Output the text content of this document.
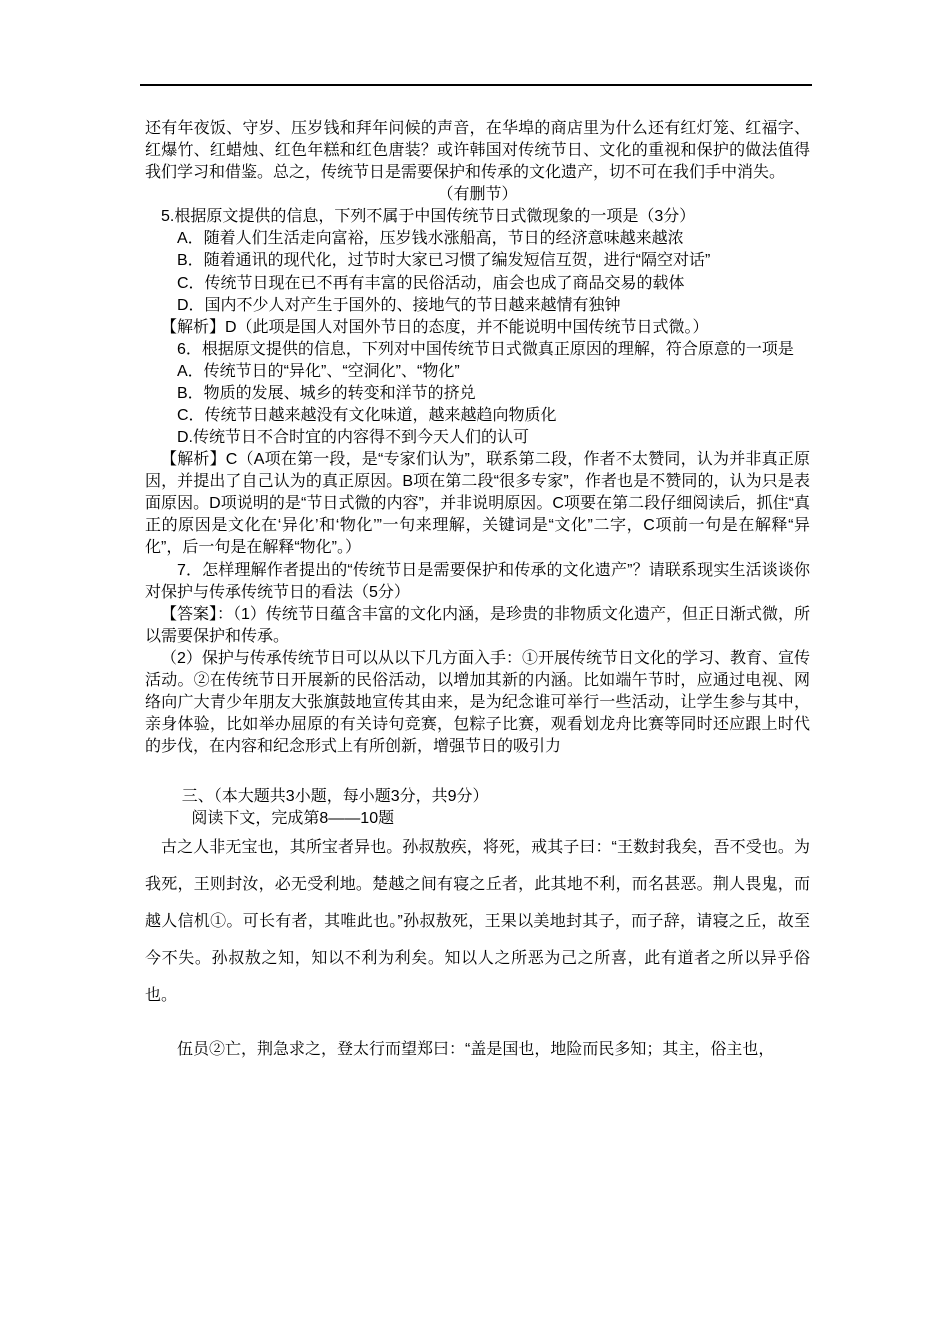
还有年夜饭、守岁、压岁钱和拜年问候的声音，在华埠的商店里为什么还有红灯笼、红福字、红爆竹、红蜡烛、红色年糕和红色唐装？或许韩国对传统节日、文化的重视和保护的做法值得我们学习和借鉴。总之，传统节日是需要保护和传承的文化遗产，切不可在我们手中消失。

（有删节）

5.根据原文提供的信息，下列不属于中国传统节日式微现象的一项是（3分）

A．随着人们生活走向富裕，压岁钱水涨船高，节日的经济意味越来越浓

B．随着通讯的现代化，过节时大家已习惯了编发短信互贺，进行“隔空对话”

C．传统节日现在已不再有丰富的民俗活动，庙会也成了商品交易的载体

D．国内不少人对产生于国外的、接地气的节日越来越情有独钟

【解析】D（此项是国人对国外节日的态度，并不能说明中国传统节日式微。）

6．根据原文提供的信息，下列对中国传统节日式微真正原因的理解，符合原意的一项是

A．传统节日的“异化”、“空洞化”、“物化”

B．物质的发展、城乡的转变和洋节的挤兑

C．传统节日越来越没有文化味道，越来越趋向物质化

D.传统节日不合时宜的内容得不到今天人们的认可

【解析】C（A项在第一段，是“专家们认为”，联系第二段，作者不太赞同，认为并非真正原因，并提出了自己认为的真正原因。B项在第二段“很多专家”，作者也是不赞同的，认为只是表面原因。D项说明的是“节日式微的内容”，并非说明原因。C项要在第二段仔细阅读后，抓住“真正的原因是文化在‘异化’和‘物化’”一句来理解，关键词是“文化”二字，C项前一句是在解释“异化”，后一句是在解释“物化”。）

7．怎样理解作者提出的“传统节日是需要保护和传承的文化遗产”？请联系现实生活谈谈你对保护与传承传统节日的看法（5分）

【答案】：（1）传统节日蕴含丰富的文化内涵，是珍贵的非物质文化遗产，但正日渐式微，所以需要保护和传承。

（2）保护与传承传统节日可以从以下几方面入手：①开展传统节日文化的学习、教育、宣传活动。②在传统节日开展新的民俗活动，以增加其新的内涵。比如端午节时，应通过电视、网络向广大青少年朋友大张旗鼓地宣传其由来，是为纪念谁可举行一些活动，让学生参与其中，亲身体验，比如举办屈原的有关诗句竞赛，包粽子比赛，观看划龙舟比赛等同时还应跟上时代的步伐，在内容和纪念形式上有所创新，增强节日的吸引力

三、（本大题共3小题，每小题3分，共9分）

阅读下文，完成第8——10题

古之人非无宝也，其所宝者异也。孙叔敖疾，将死，戒其子曰：“王数封我矣，吾不受也。为我死，王则封汝，必无受利地。楚越之间有寝之丘者，此其地不利，而名甚恶。荆人畏鬼，而越人信机①。可长有者，其唯此也。”孙叔敖死，王果以美地封其子，而子辞，请寝之丘，故至今不失。孙叔敖之知，知以不利为利矣。知以人之所恶为己之所喜，此有道者之所以异乎俗也。

伍员②亡，荆急求之，登太行而望郑曰：“盖是国也，地险而民多知；其主，俗主也，
